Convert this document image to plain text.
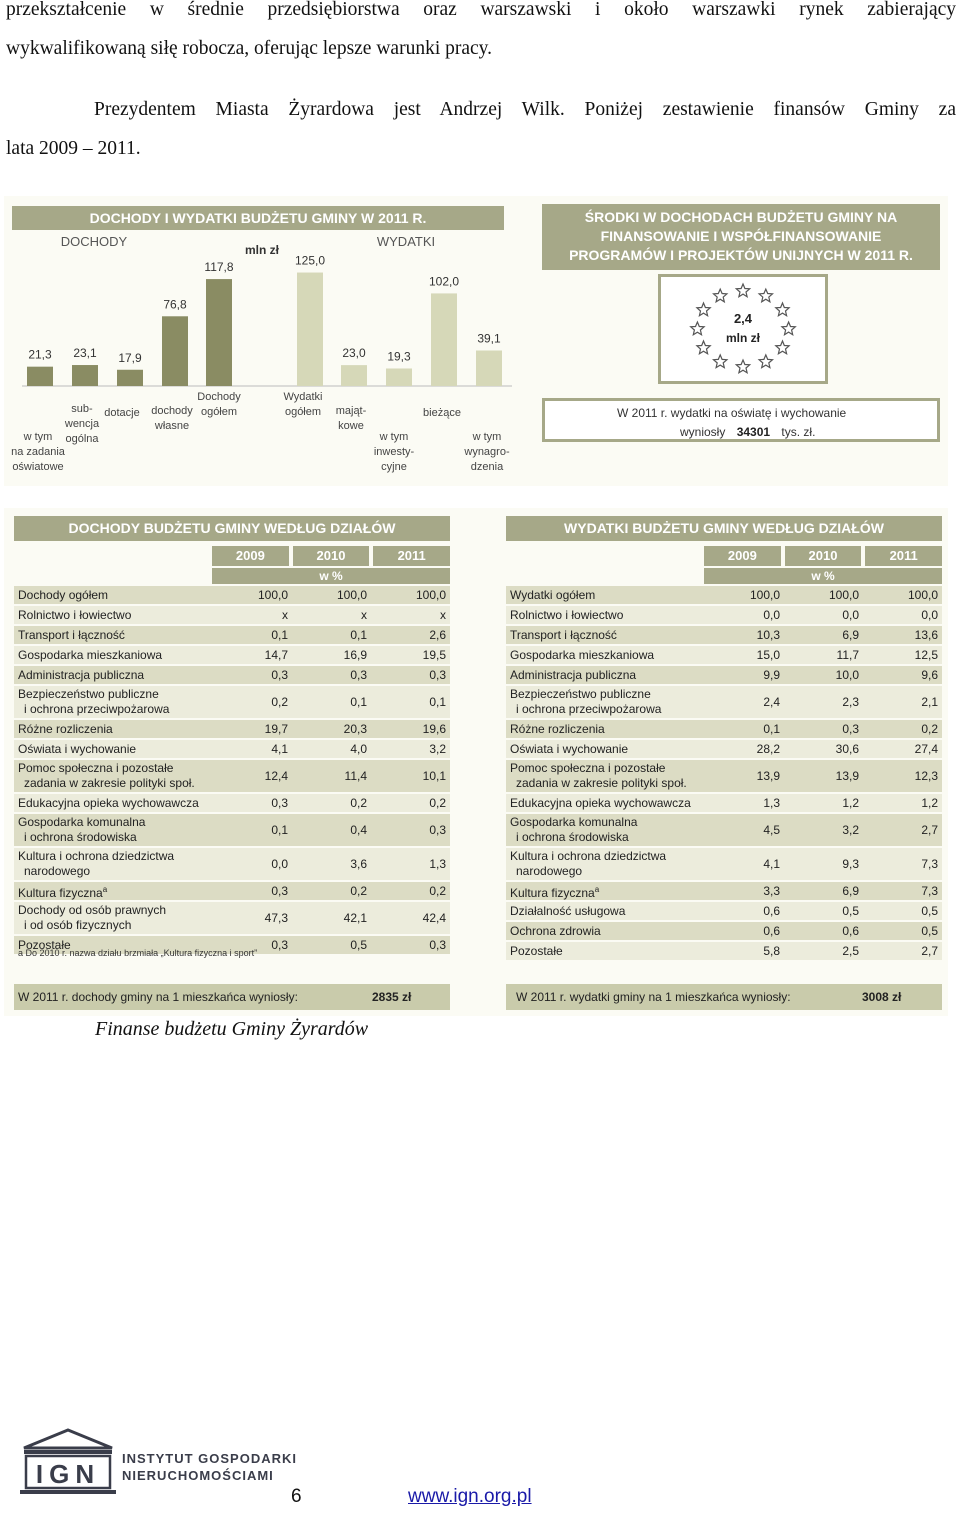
przekształcenie w średnie przedsiębiorstwa oraz warszawski i około warszawki rynek zabierający
wykwalifikowaną siłę robocza, oferując lepsze warunki pracy.
Prezydentem Miasta Żyrardowa jest Andrzej Wilk. Poniżej zestawienie finansów Gminy za
lata 2009 – 2011.
DOCHODY I WYDATKI BUDŻETU GMINY W 2011 R.
DOCHODY	WYDATKI
mln zł
21,3
w tym na zadania oświatowe
23,1
sub-wencja ogólna
17,9
dotacje
76,8
dochody własne
117,8
Dochody ogółem
125,0
Wydatki ogółem
23,0
mająt-kowe
19,3
w tym inwesty-cyjne
102,0
bieżące
39,1
w tym wynagro-dzenia
ŚRODKI W DOCHODACH BUDŻETU GMINY NA
FINANSOWANIE I WSPÓŁFINANSOWANIE
PROGRAMÓW I PROJEKTÓW UNIJNYCH W 2011 R.
2,4
mln zł
W 2011 r. wydatki na oświatę i wychowanie
wyniosły 34301 tys. zł.
DOCHODY BUDŻETU GMINY WEDŁUG DZIAŁÓW
2009	2010	2011
w %
Dochody ogółem	100,0	100,0	100,0
Rolnictwo i łowiectwo	x	x	x
Transport i łączność	0,1	0,1	2,6
Gospodarka mieszkaniowa	14,7	16,9	19,5
Administracja publiczna	0,3	0,3	0,3
Bezpieczeństwo publiczne
i ochrona przeciwpożarowa	0,2	0,1	0,1
Różne rozliczenia	19,7	20,3	19,6
Oświata i wychowanie	4,1	4,0	3,2
Pomoc społeczna i pozostałe
zadania w zakresie polityki społ.	12,4	11,4	10,1
Edukacyjna opieka wychowawcza	0,3	0,2	0,2
Gospodarka komunalna
i ochrona środowiska	0,1	0,4	0,3
Kultura i ochrona dziedzictwa
narodowego	0,0	3,6	1,3
Kultura fizyczna$^a$	0,3	0,2	0,2
Dochody od osób prawnych
i od osób fizycznych	47,3	42,1	42,4
Pozostałe	0,3	0,5	0,3
a Do 2010 r. nazwa działu brzmiała „Kultura fizyczna i sport”
WYDATKI BUDŻETU GMINY WEDŁUG DZIAŁÓW
2009	2010	2011
w %
Wydatki ogółem	100,0	100,0	100,0
Rolnictwo i łowiectwo	0,0	0,0	0,0
Transport i łączność	10,3	6,9	13,6
Gospodarka mieszkaniowa	15,0	11,7	12,5
Administracja publiczna	9,9	10,0	9,6
Bezpieczeństwo publiczne
i ochrona przeciwpożarowa	2,4	2,3	2,1
Różne rozliczenia	0,1	0,3	0,2
Oświata i wychowanie	28,2	30,6	27,4
Pomoc społeczna i pozostałe
zadania w zakresie polityki społ.	13,9	13,9	12,3
Edukacyjna opieka wychowawcza	1,3	1,2	1,2
Gospodarka komunalna
i ochrona środowiska	4,5	3,2	2,7
Kultura i ochrona dziedzictwa
narodowego	4,1	9,3	7,3
Kultura fizyczna$^a$	3,3	6,9	7,3
Działalność usługowa	0,6	0,5	0,5
Ochrona zdrowia	0,6	0,6	0,5
Pozostałe	5,8	2,5	2,7
W 2011 r. dochody gminy na 1 mieszkańca wyniosły:	2835 zł	W 2011 r. wydatki gminy na 1 mieszkańca wyniosły:	3008 zł
Finanse budżetu Gminy Żyrardów
IGN
INSTYTUT GOSPODARKI
NIERUCHOMOŚCIAMI
6	www.ign.org.pl
